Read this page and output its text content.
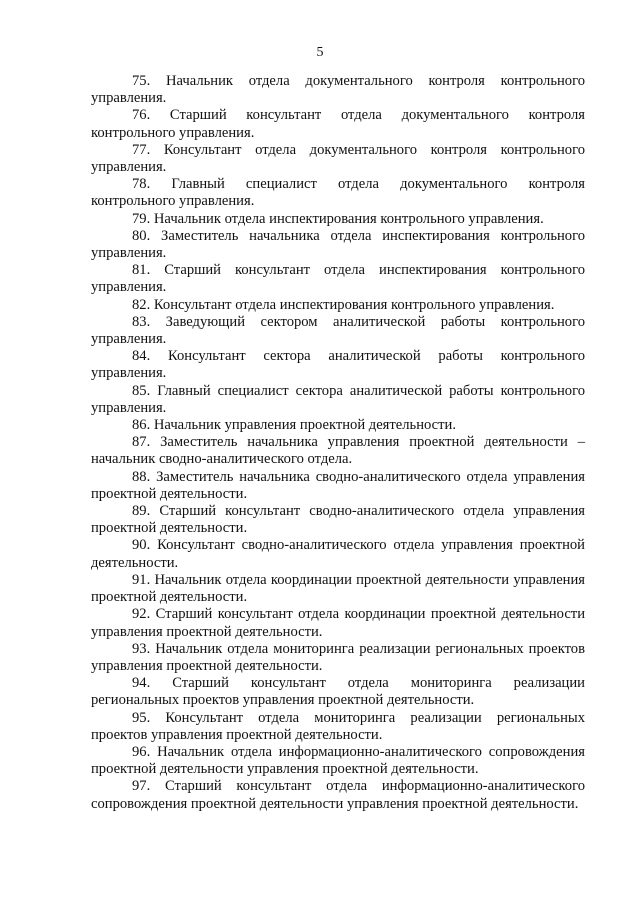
5

75. Начальник отдела документального контроля контрольного управления.

76. Старший консультант отдела документального контроля контрольного управления.

77. Консультант отдела документального контроля контрольного управления.

78. Главный специалист отдела документального контроля контрольного управления.

79. Начальник отдела инспектирования контрольного управления.

80. Заместитель начальника отдела инспектирования контрольного управления.

81. Старший консультант отдела инспектирования контрольного управления.

82. Консультант отдела инспектирования контрольного управления.

83. Заведующий сектором аналитической работы контрольного управления.

84. Консультант сектора аналитической работы контрольного управления.

85. Главный специалист сектора аналитической работы контрольного управления.

86. Начальник управления проектной деятельности.

87. Заместитель начальника управления проектной деятельности – начальник сводно-аналитического отдела.

88. Заместитель начальника сводно-аналитического отдела управления проектной деятельности.

89. Старший консультант сводно-аналитического отдела управления проектной деятельности.

90. Консультант сводно-аналитического отдела управления проектной деятельности.

91. Начальник отдела координации проектной деятельности управления проектной деятельности.

92. Старший консультант отдела координации проектной деятельности управления проектной деятельности.

93. Начальник отдела мониторинга реализации региональных проектов управления проектной деятельности.

94. Старший консультант отдела мониторинга реализации региональных проектов управления проектной деятельности.

95. Консультант отдела мониторинга реализации региональных проектов управления проектной деятельности.

96. Начальник отдела информационно-аналитического сопровождения проектной деятельности управления проектной деятельности.

97. Старший консультант отдела информационно-аналитического сопровождения проектной деятельности управления проектной деятельности.
